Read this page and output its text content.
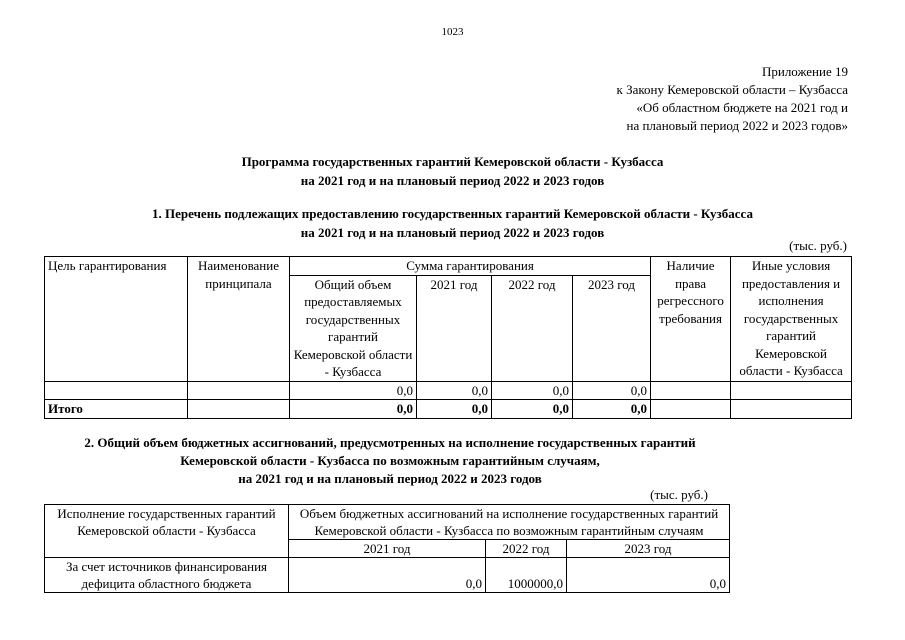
1023
Приложение 19
к Закону Кемеровской области – Кузбасса
«Об областном бюджете на 2021 год и
на плановый период 2022 и 2023 годов»
Программа государственных гарантий Кемеровской области - Кузбасса
на 2021 год и на плановый период 2022 и 2023 годов
1. Перечень подлежащих предоставлению государственных гарантий Кемеровской области - Кузбасса
на 2021 год и на плановый период 2022 и 2023 годов
(тыс. руб.)
Цель гарантирования	Наименование принципала	Сумма гарантирования				Наличие права регрессного требования	Иные условия предоставления и исполнения государственных гарантий Кемеровской области - Кузбасса
		Общий объем предоставляемых государственных гарантий Кемеровской области - Кузбасса	2021 год	2022 год	2023 год		
		0,0	0,0	0,0	0,0		
Итого		0,0	0,0	0,0	0,0		
2. Общий объем бюджетных ассигнований, предусмотренных на исполнение государственных гарантий
Кемеровской области - Кузбасса по возможным гарантийным случаям,
на 2021 год и на плановый период 2022 и 2023 годов
(тыс. руб.)
Исполнение государственных гарантий Кемеровской области - Кузбасса	Объем бюджетных ассигнований на исполнение государственных гарантий Кемеровской области - Кузбасса по возможным гарантийным случаям		
	2021 год	2022 год	2023 год
За счет источников финансирования дефицита областного бюджета	0,0	1000000,0	0,0
